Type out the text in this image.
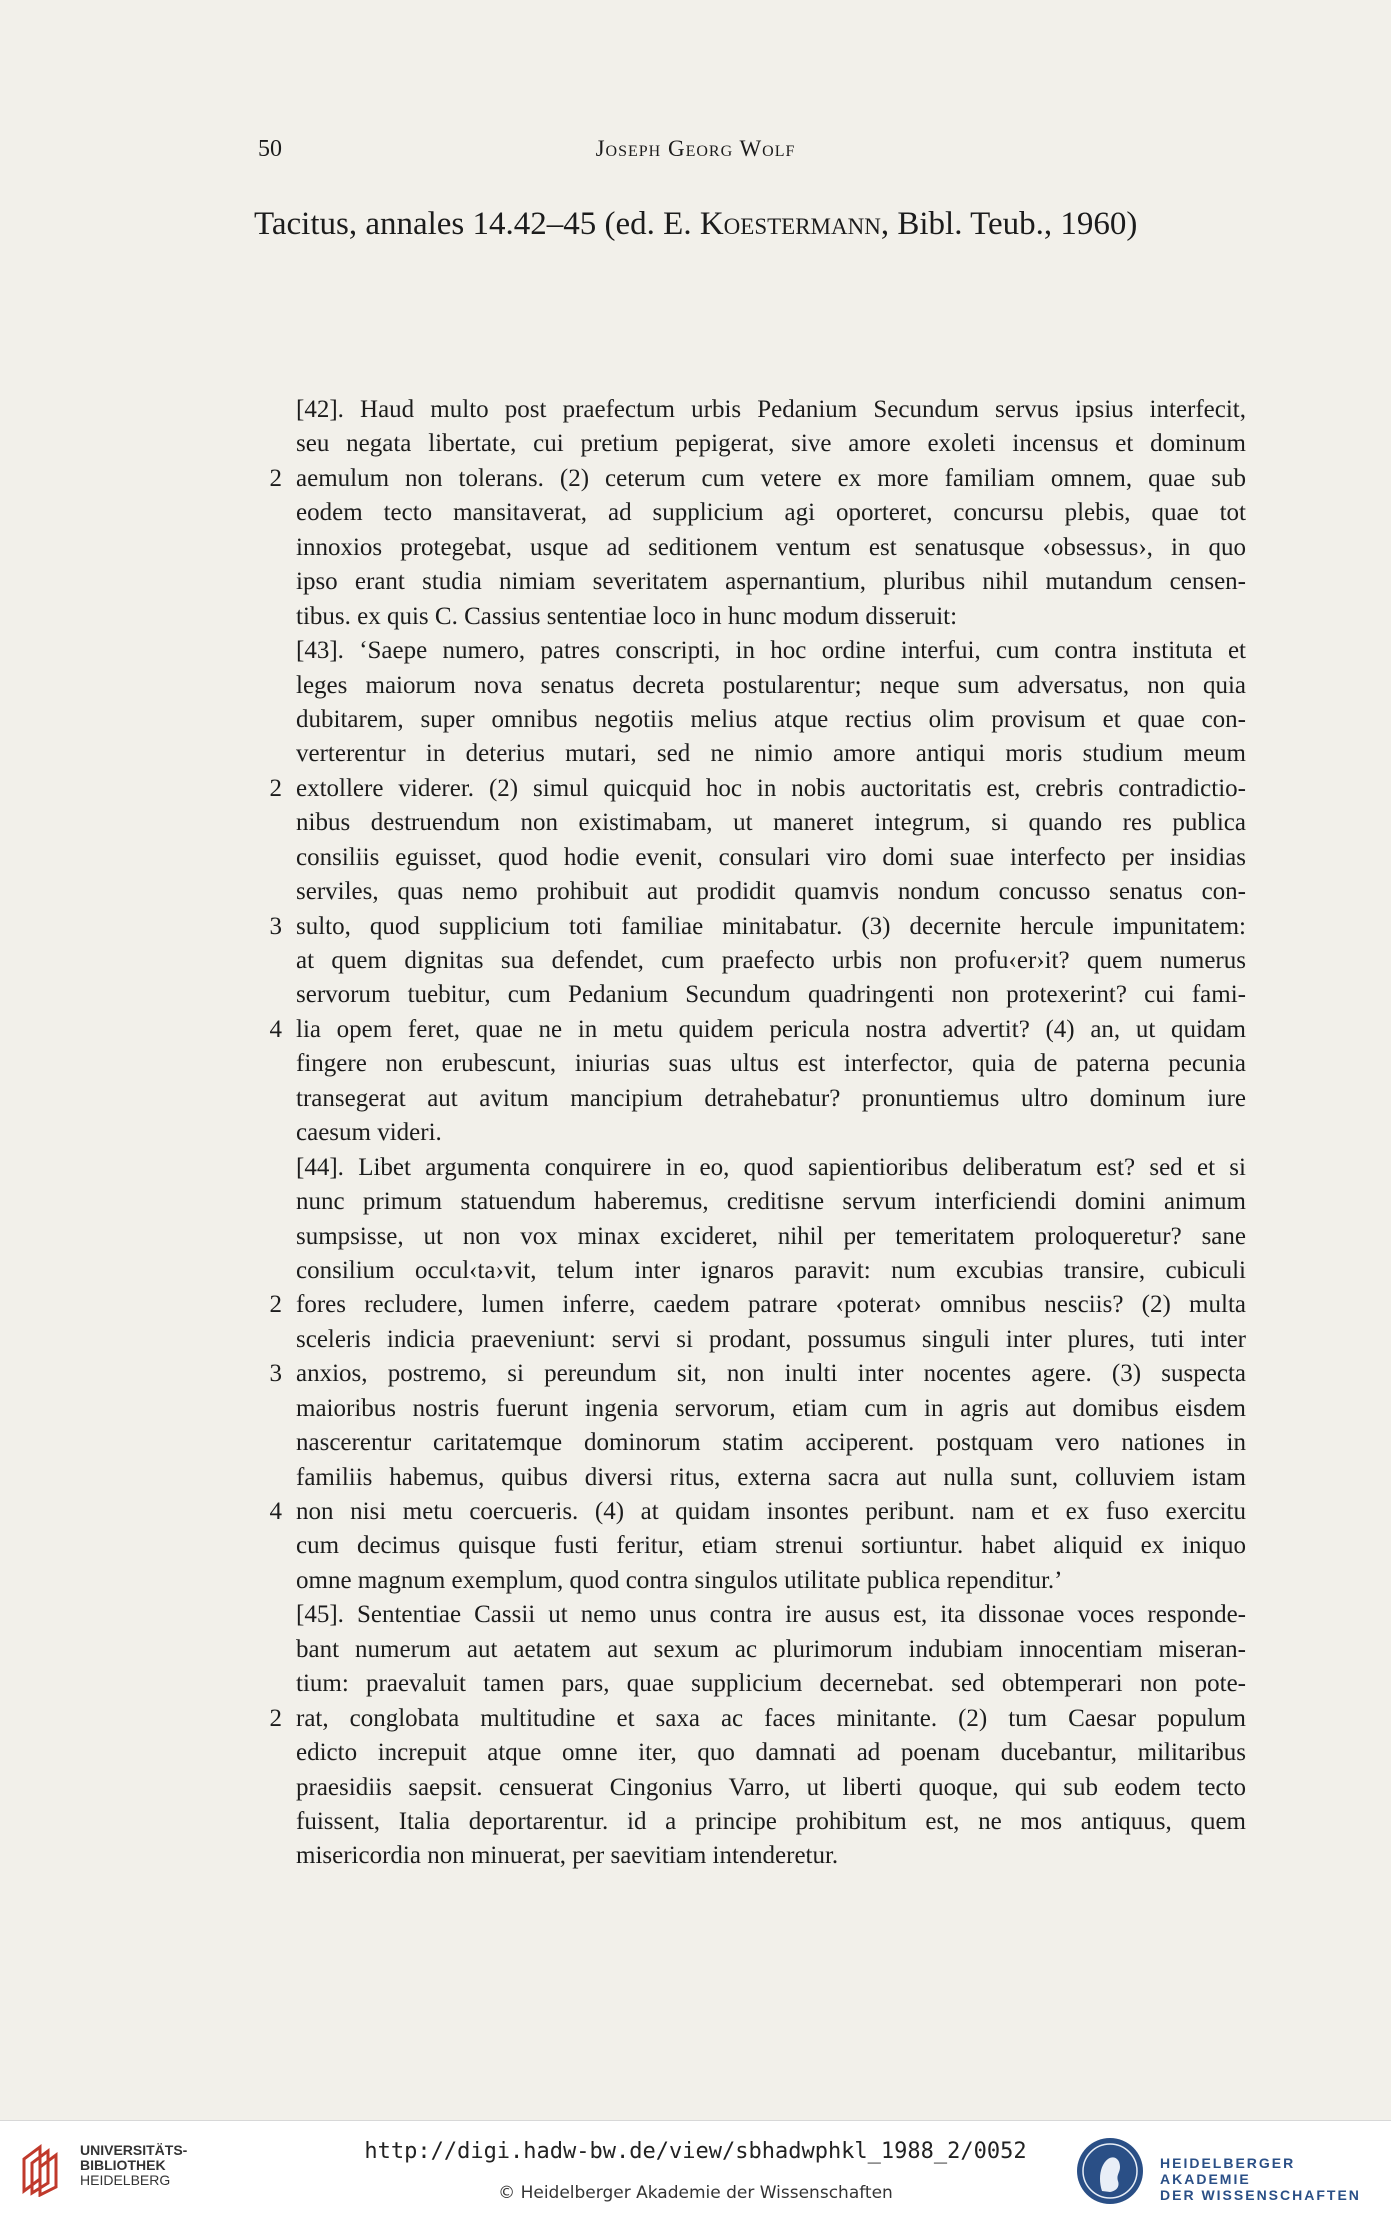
50	Joseph Georg Wolf
Tacitus, annales 14.42–45 (ed. E. Koestermann, Bibl. Teub., 1960)
[42]. Haud multo post praefectum urbis Pedanium Secundum servus ipsius interfecit,
seu negata libertate, cui pretium pepigerat, sive amore exoleti incensus et dominum
2 aemulum non tolerans. (2) ceterum cum vetere ex more familiam omnem, quae sub
eodem tecto mansitaverat, ad supplicium agi oporteret, concursu plebis, quae tot
innoxios protegebat, usque ad seditionem ventum est senatusque ‹obsessus›, in quo
ipso erant studia nimiam severitatem aspernantium, pluribus nihil mutandum censen-
tibus. ex quis C. Cassius sententiae loco in hunc modum disseruit:
[43]. ‘Saepe numero, patres conscripti, in hoc ordine interfui, cum contra instituta et
leges maiorum nova senatus decreta postularentur; neque sum adversatus, non quia
dubitarem, super omnibus negotiis melius atque rectius olim provisum et quae con-
verterentur in deterius mutari, sed ne nimio amore antiqui moris studium meum
2 extollere viderer. (2) simul quicquid hoc in nobis auctoritatis est, crebris contradictio-
nibus destruendum non existimabam, ut maneret integrum, si quando res publica
consiliis eguisset, quod hodie evenit, consulari viro domi suae interfecto per insidias
serviles, quas nemo prohibuit aut prodidit quamvis nondum concusso senatus con-
3 sulto, quod supplicium toti familiae minitabatur. (3) decernite hercule impunitatem:
at quem dignitas sua defendet, cum praefecto urbis non profu‹er›it? quem numerus
servorum tuebitur, cum Pedanium Secundum quadringenti non protexerint? cui fami-
4 lia opem feret, quae ne in metu quidem pericula nostra advertit? (4) an, ut quidam
fingere non erubescunt, iniurias suas ultus est interfector, quia de paterna pecunia
transegerat aut avitum mancipium detrahebatur? pronuntiemus ultro dominum iure
caesum videri.
[44]. Libet argumenta conquirere in eo, quod sapientioribus deliberatum est? sed et si
nunc primum statuendum haberemus, creditisne servum interficiendi domini animum
sumpsisse, ut non vox minax excideret, nihil per temeritatem proloqueretur? sane
consilium occul‹ta›vit, telum inter ignaros paravit: num excubias transire, cubiculi
2 fores recludere, lumen inferre, caedem patrare ‹poterat› omnibus nesciis? (2) multa
sceleris indicia praeveniunt: servi si prodant, possumus singuli inter plures, tuti inter
3 anxios, postremo, si pereundum sit, non inulti inter nocentes agere. (3) suspecta
maioribus nostris fuerunt ingenia servorum, etiam cum in agris aut domibus eisdem
nascerentur caritatemque dominorum statim acciperent. postquam vero nationes in
familiis habemus, quibus diversi ritus, externa sacra aut nulla sunt, colluviem istam
4 non nisi metu coercueris. (4) at quidam insontes peribunt. nam et ex fuso exercitu
cum decimus quisque fusti feritur, etiam strenui sortiuntur. habet aliquid ex iniquo
omne magnum exemplum, quod contra singulos utilitate publica rependitur.’
[45]. Sententiae Cassii ut nemo unus contra ire ausus est, ita dissonae voces responde-
bant numerum aut aetatem aut sexum ac plurimorum indubiam innocentiam miseran-
tium: praevaluit tamen pars, quae supplicium decernebat. sed obtemperari non pote-
2 rat, conglobata multitudine et saxa ac faces minitante. (2) tum Caesar populum
edicto increpuit atque omne iter, quo damnati ad poenam ducebantur, militaribus
praesidiis saepsit. censuerat Cingonius Varro, ut liberti quoque, qui sub eodem tecto
fuissent, Italia deportarentur. id a principe prohibitum est, ne mos antiquus, quem
misericordia non minuerat, per saevitiam intenderetur.
UNIVERSITÄTS-
BIBLIOTHEK
HEIDELBERG
http://digi.hadw-bw.de/view/sbhadwphkl_1988_2/0052
© Heidelberger Akademie der Wissenschaften
HEIDELBERGER AKADEMIE
DER WISSENSCHAFTEN
